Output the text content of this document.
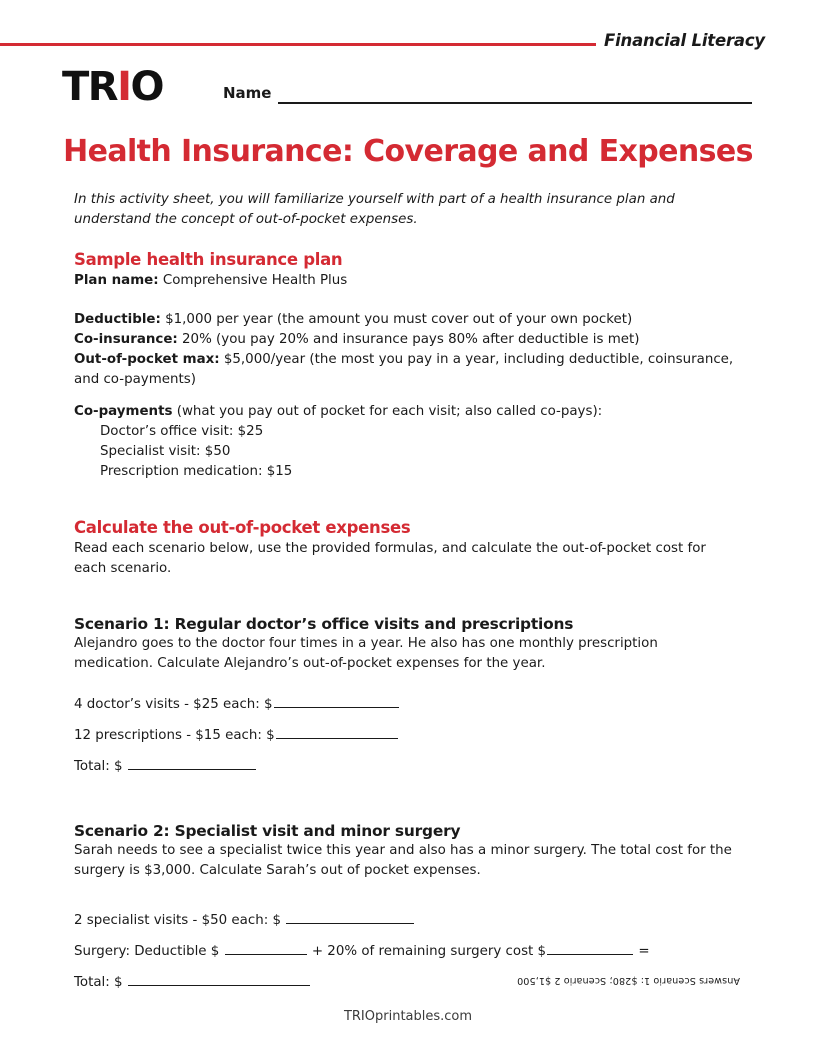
Financial Literacy
TRIO	Name
Health Insurance: Coverage and Expenses

In this activity sheet, you will familiarize yourself with part of a health insurance plan and understand the concept of out-of-pocket expenses.

Sample health insurance plan

Plan name: Comprehensive Health Plus

Deductible: $1,000 per year (the amount you must cover out of your own pocket)

Co-insurance: 20% (you pay 20% and insurance pays 80% after deductible is met)

Out-of-pocket max: $5,000/year (the most you pay in a year, including deductible, coinsurance, and co-payments)

Co-payments (what you pay out of pocket for each visit; also called co-pays):

Doctor’s office visit: $25

Specialist visit: $50

Prescription medication: $15

Calculate the out-of-pocket expenses

Read each scenario below, use the provided formulas, and calculate the out-of-pocket cost for each scenario.

Scenario 1: Regular doctor’s office visits and prescriptions

Alejandro goes to the doctor four times in a year. He also has one monthly prescription medication. Calculate Alejandro’s out-of-pocket expenses for the year.

4 doctor’s visits - $25 each: $

12 prescriptions - $15 each: $

Total: $

Scenario 2: Specialist visit and minor surgery

Sarah needs to see a specialist twice this year and also has a minor surgery. The total cost for the surgery is $3,000. Calculate Sarah’s out of pocket expenses.

2 specialist visits - $50 each: $

Surgery: Deductible $	+ 20% of remaining surgery cost $	=

Total: $	Answers Scenario 1: $280; Scenario 2 $1,500
TRIOprintables.com
